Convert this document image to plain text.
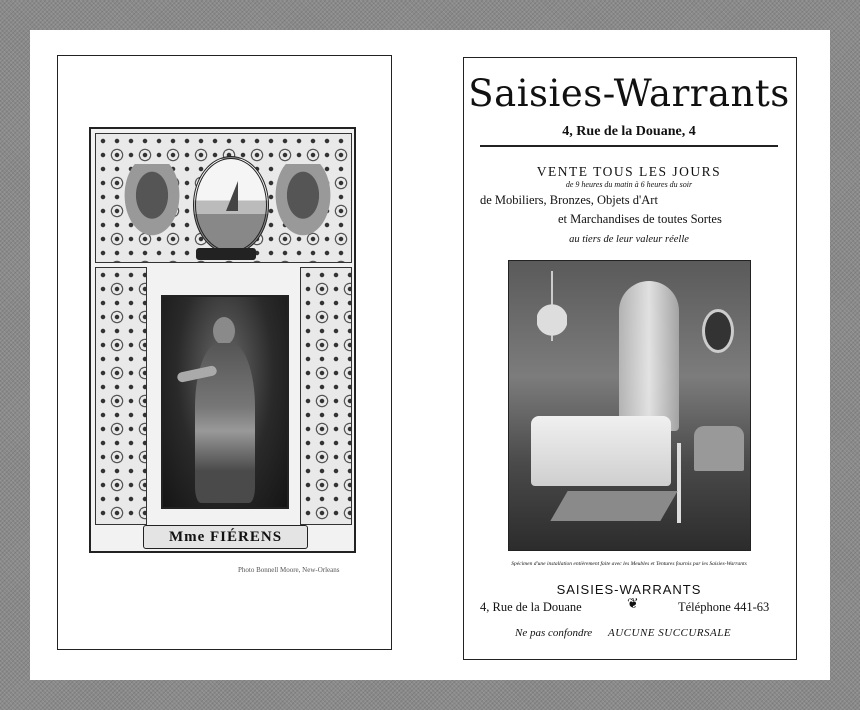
Mme FIÉRENS
Photo Bonnell Moore, New-Orleans
Saisies-Warrants
4, Rue de la Douane, 4
VENTE TOUS LES JOURS
de 9 heures du matin à 6 heures du soir
de Mobiliers, Bronzes, Objets d'Art
et Marchandises de toutes Sortes
au tiers de leur valeur réelle
Spécimen d'une installation entièrement faite avec les Meubles et Tentures fournis par les Saisies-Warrants
SAISIES-WARRANTS
4, Rue de la Douane	❦	Téléphone 441-63
Ne pas confondre AUCUNE SUCCURSALE
